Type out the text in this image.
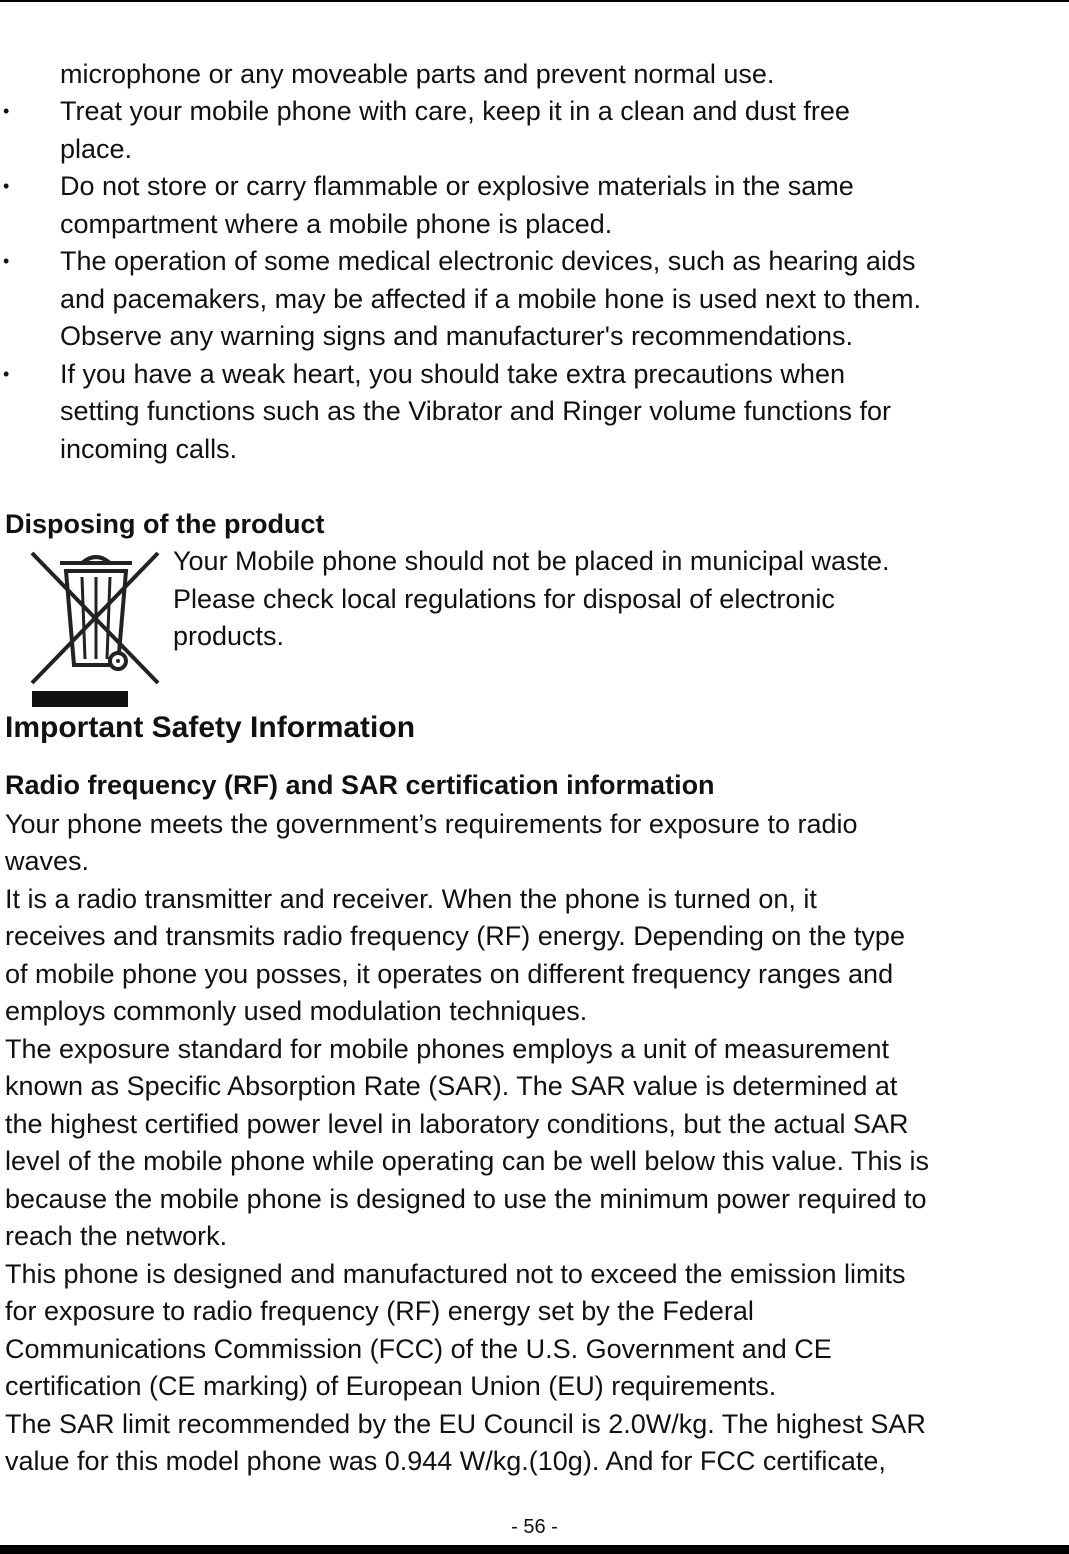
microphone or any moveable parts and prevent normal use.
• Treat your mobile phone with care, keep it in a clean and dust free
place.
• Do not store or carry flammable or explosive materials in the same
compartment where a mobile phone is placed.
• The operation of some medical electronic devices, such as hearing aids
and pacemakers, may be affected if a mobile hone is used next to them.
Observe any warning signs and manufacturer's recommendations.
• If you have a weak heart, you should take extra precautions when
setting functions such as the Vibrator and Ringer volume functions for
incoming calls.
Disposing of the product
Your Mobile phone should not be placed in municipal waste.
Please check local regulations for disposal of electronic
products.
Important Safety Information
Radio frequency (RF) and SAR certification information
Your phone meets the government’s requirements for exposure to radio
waves.
It is a radio transmitter and receiver. When the phone is turned on, it
receives and transmits radio frequency (RF) energy. Depending on the type
of mobile phone you posses, it operates on different frequency ranges and
employs commonly used modulation techniques.
The exposure standard for mobile phones employs a unit of measurement
known as Specific Absorption Rate (SAR). The SAR value is determined at
the highest certified power level in laboratory conditions, but the actual SAR
level of the mobile phone while operating can be well below this value. This is
because the mobile phone is designed to use the minimum power required to
reach the network.
This phone is designed and manufactured not to exceed the emission limits
for exposure to radio frequency (RF) energy set by the Federal
Communications Commission (FCC) of the U.S. Government and CE
certification (CE marking) of European Union (EU) requirements.
The SAR limit recommended by the EU Council is 2.0W/kg. The highest SAR
value for this model phone was 0.944 W/kg.(10g). And for FCC certificate,
- 56 -
